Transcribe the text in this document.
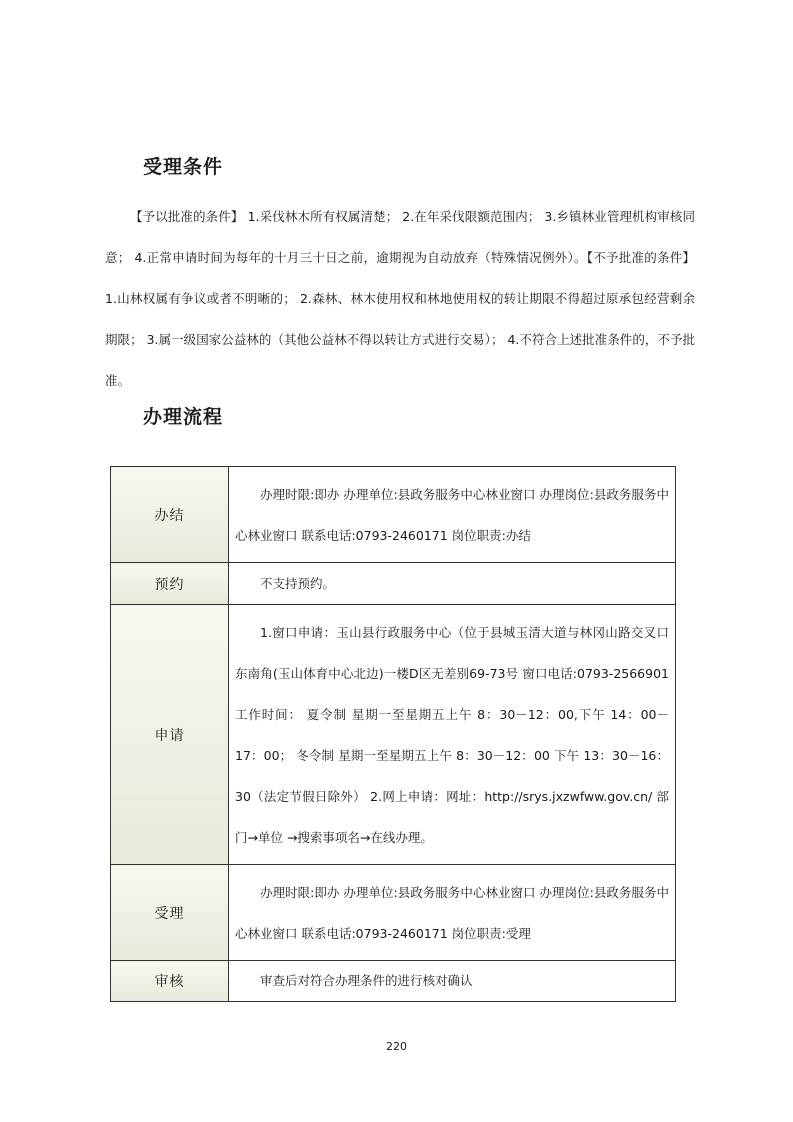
受理条件

【予以批准的条件】 1.采伐林木所有权属清楚； 2.在年采伐限额范围内； 3.乡镇林业管理机构审核同意； 4.正常申请时间为每年的十月三十日之前，逾期视为自动放弃（特殊情况例外）。【不予批准的条件】 1.山林权属有争议或者不明晰的； 2.森林、林木使用权和林地使用权的转让期限不得超过原承包经营剩余期限； 3.属一级国家公益林的（其他公益林不得以转让方式进行交易）； 4.不符合上述批准条件的，不予批准。

办理流程
办结	办理时限:即办 办理单位:县政务服务中心林业窗口 办理岗位:县政务服务中心林业窗口 联系电话:0793-2460171 岗位职责:办结
预约	不支持预约。
申请	1.窗口申请：玉山县行政服务中心（位于县城玉清大道与林冈山路交叉口东南角(玉山体育中心北边)一楼D区无差别69-73号 窗口电话:0793-2566901 工作时间： 夏令制 星期一至星期五上午 8：30－12：00,下午 14：00－17：00； 冬令制 星期一至星期五上午 8：30－12：00 下午 13：30－16：30（法定节假日除外） 2.网上申请：网址：http://srys.jxzwfww.gov.cn/ 部门→单位 →搜索事项名→在线办理。
受理	办理时限:即办 办理单位:县政务服务中心林业窗口 办理岗位:县政务服务中心林业窗口 联系电话:0793-2460171 岗位职责:受理
审核	审查后对符合办理条件的进行核对确认
220
